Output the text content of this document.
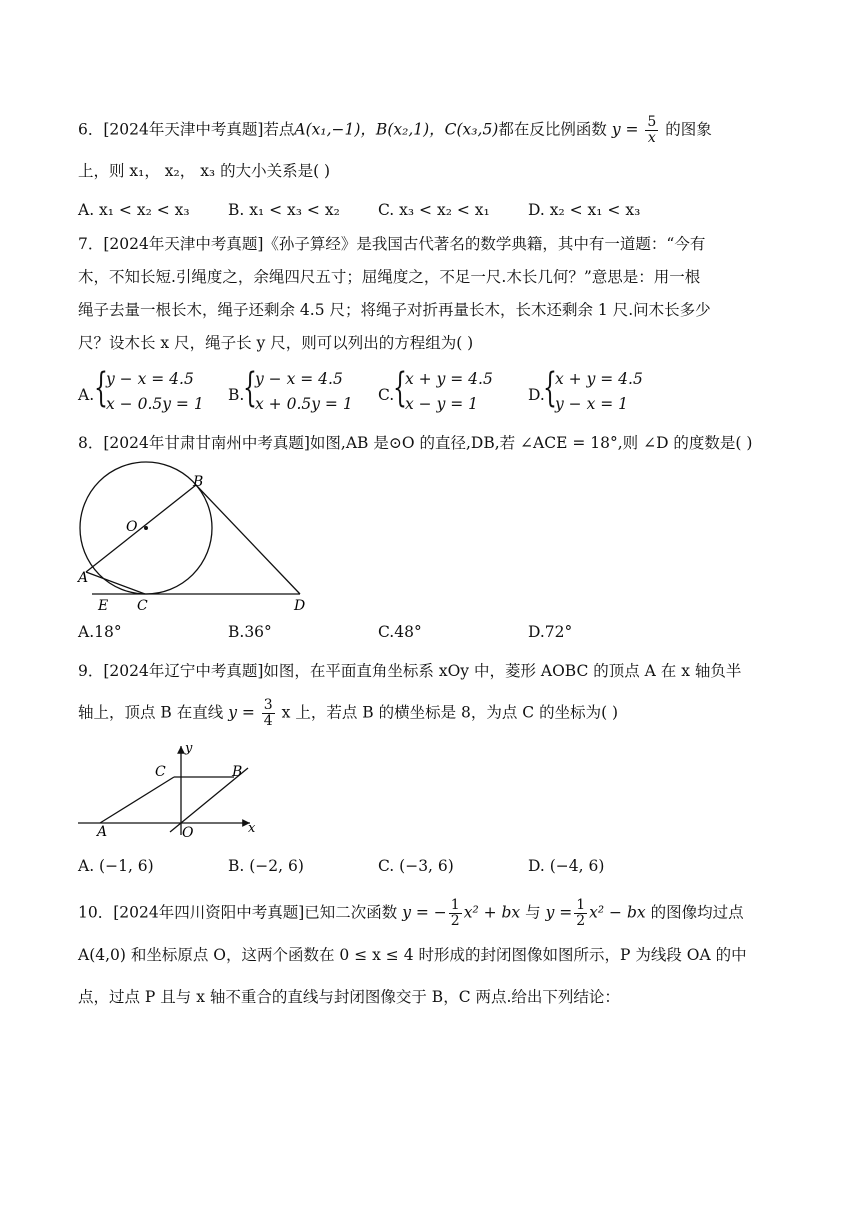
6．[2024年天津中考真题]若点A(x₁,−1)，B(x₂,1)，C(x₃,5)都在反比例函数 $y = \frac{5}{x}$ 的图象
上，则 x₁， x₂， x₃ 的大小关系是( )
A. x₁ < x₂ < x₃ B. x₁ < x₃ < x₂ C. x₃ < x₂ < x₁ D. x₂ < x₁ < x₃
7．[2024年天津中考真题]《孙子算经》是我国古代著名的数学典籍，其中有一道题：“今有
木，不知长短.引绳度之，余绳四尺五寸；屈绳度之，不足一尺.木长几何？”意思是：用一根
绳子去量一根长木，绳子还剩余 4.5 尺；将绳子对折再量长木，长木还剩余 1 尺.问木长多少
尺？设木长 x 尺，绳子长 y 尺，则可以列出的方程组为( )
A. {
y − x = 4.5
x − 0.5y = 1 B.
{
y − x = 4.5
x + 0.5y = 1 C.
{
x + y = 4.5
x − y = 1	D.
{
x + y = 4.5
y − x = 1
8．[2024年甘肃甘南州中考真题]如图,AB 是⊙O 的直径,DB,若 ∠ACE = 18°,则 ∠D 的度数是( )
B
O
A
E C	D
A.18°	B.36°	C.48°	D.72°
9．[2024年辽宁中考真题]如图，在平面直角坐标系 xOy 中，菱形 AOBC 的顶点 A 在 x 轴负半
轴上，顶点 B 在直线 $y = \frac{3}{4}$ x 上，若点 B 的横坐标是 8，为点 C 的坐标为( )
y
x
C	B
A	O
A. (−1, 6)	B. (−2, 6)	C. (−3, 6)	D. (−4, 6)
10．[2024年四川资阳中考真题]已知二次函数 y = − $\frac{1}{2} x^2$ + bx 与 $y = \frac{1}{2} x^2$ − bx 的图像均过点
A(4,0) 和坐标原点 O，这两个函数在 0 ≤ x ≤ 4 时形成的封闭图像如图所示，P 为线段 OA 的中
点，过点 P 且与 x 轴不重合的直线与封闭图像交于 B，C 两点.给出下列结论：
